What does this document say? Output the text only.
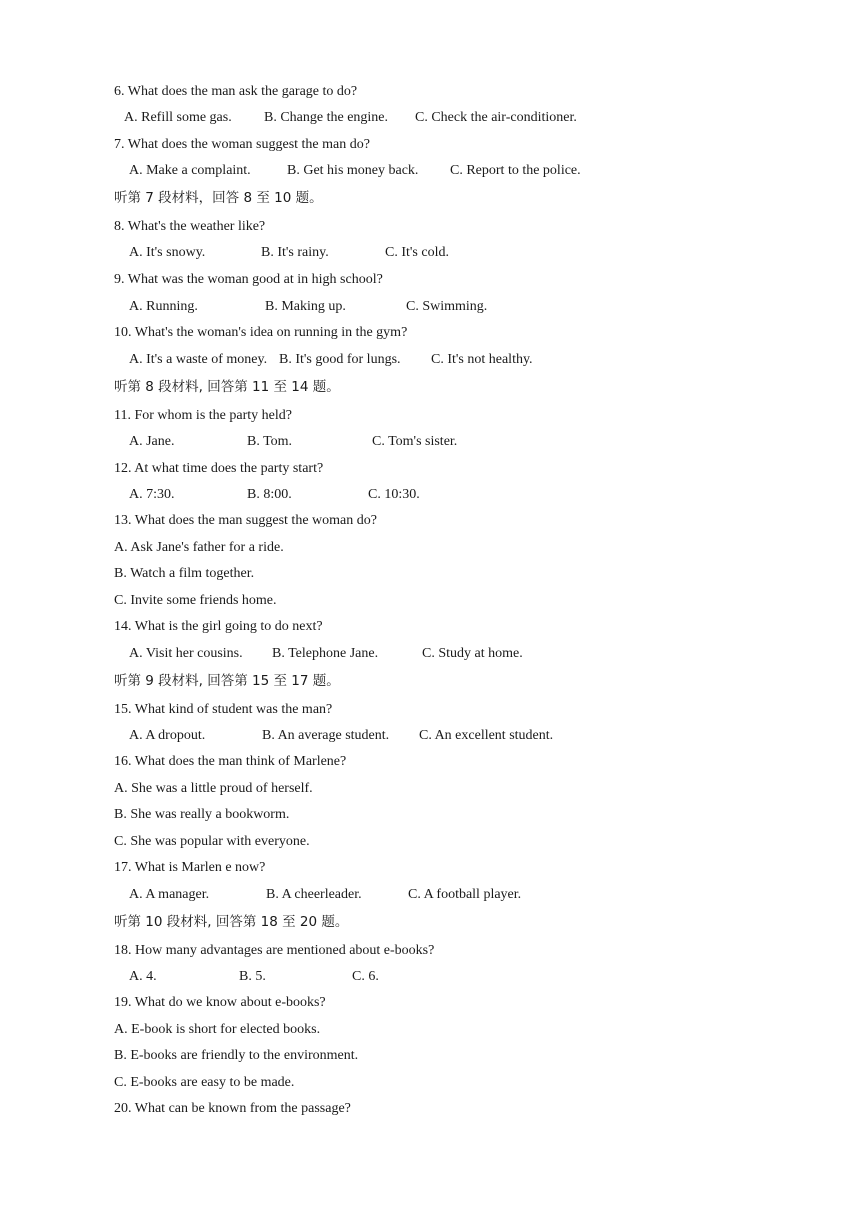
6. What does the man ask the garage to do?
A. Refill some gas. B. Change the engine. C. Check the air-conditioner.
7. What does the woman suggest the man do?
A. Make a complaint.	B. Get his money back. C. Report to the police.
听第 7 段材料，回答 8 至 10 题。
8. What's the weather like?
A. It's snowy.	B. It's rainy.	C. It's cold.
9. What was the woman good at in high school?
A. Running.	B. Making up.	C. Swimming.
10. What's the woman's idea on running in the gym?
A. It's a waste of money. B. It's good for lungs. C. It's not healthy.
听第 8 段材料, 回答第 11 至 14 题。
11. For whom is the party held?
A. Jane.	B. Tom.	C. Tom's sister.
12. At what time does the party start?
A. 7:30.	B. 8:00.	C. 10:30.
13. What does the man suggest the woman do?
A. Ask Jane's father for a ride.
B. Watch a film together.
C. Invite some friends home.
14. What is the girl going to do next?
A. Visit her cousins. B. Telephone Jane.	C. Study at home.
听第 9 段材料, 回答第 15 至 17 题。
15. What kind of student was the man?
A. A dropout.	B. An average student. C. An excellent student.
16. What does the man think of Marlene?
A. She was a little proud of herself.
B. She was really a bookworm.
C. She was popular with everyone.
17. What is Marlen e now?
A. A manager.	B. A cheerleader.	C. A football player.
听第 10 段材料, 回答第 18 至 20 题。
18. How many advantages are mentioned about e-books?
A. 4.	B. 5.	C. 6.
19. What do we know about e-books?
A. E-book is short for elected books.
B. E-books are friendly to the environment.
C. E-books are easy to be made.
20. What can be known from the passage?
